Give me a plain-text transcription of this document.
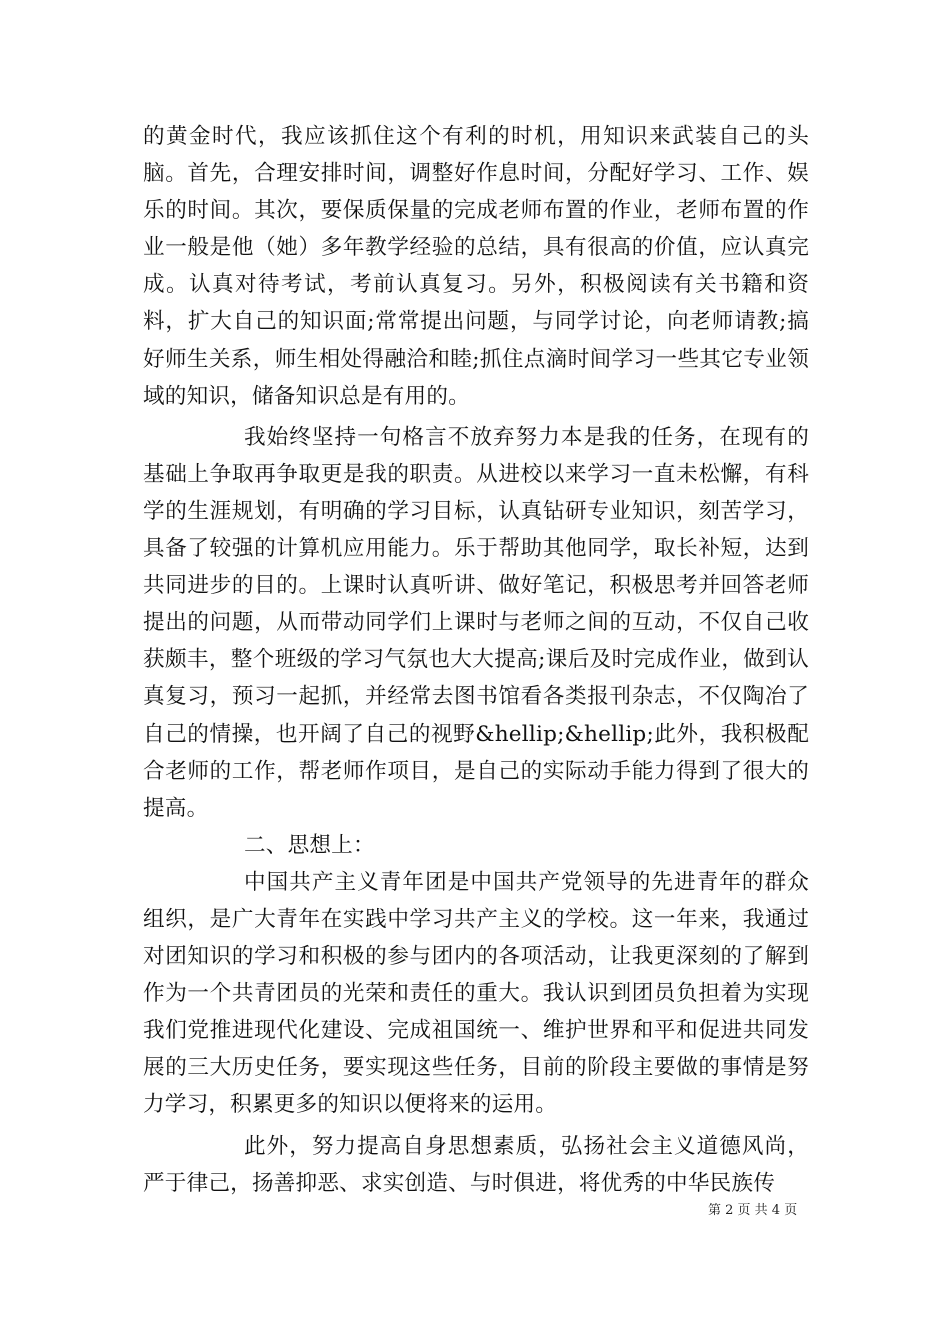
的黄金时代，我应该抓住这个有利的时机，用知识来武装自己的头脑。首先，合理安排时间，调整好作息时间，分配好学习、工作、娱乐的时间。其次，要保质保量的完成老师布置的作业，老师布置的作业一般是他（她）多年教学经验的总结，具有很高的价值，应认真完成。认真对待考试，考前认真复习。另外，积极阅读有关书籍和资料，扩大自己的知识面;常常提出问题，与同学讨论，向老师请教;搞好师生关系，师生相处得融洽和睦;抓住点滴时间学习一些其它专业领域的知识，储备知识总是有用的。

我始终坚持一句格言不放弃努力本是我的任务，在现有的基础上争取再争取更是我的职责。从进校以来学习一直未松懈，有科学的生涯规划，有明确的学习目标，认真钻研专业知识，刻苦学习，具备了较强的计算机应用能力。乐于帮助其他同学，取长补短，达到共同进步的目的。上课时认真听讲、做好笔记，积极思考并回答老师提出的问题，从而带动同学们上课时与老师之间的互动，不仅自己收获颇丰，整个班级的学习气氛也大大提高;课后及时完成作业，做到认真复习，预习一起抓，并经常去图书馆看各类报刊杂志，不仅陶冶了自己的情操，也开阔了自己的视野&hellip;&hellip;此外，我积极配合老师的工作，帮老师作项目，是自己的实际动手能力得到了很大的提高。

二、思想上：

中国共产主义青年团是中国共产党领导的先进青年的群众组织，是广大青年在实践中学习共产主义的学校。这一年来，我通过对团知识的学习和积极的参与团内的各项活动，让我更深刻的了解到作为一个共青团员的光荣和责任的重大。我认识到团员负担着为实现我们党推进现代化建设、完成祖国统一、维护世界和平和促进共同发展的三大历史任务，要实现这些任务，目前的阶段主要做的事情是努力学习，积累更多的知识以便将来的运用。

此外，努力提高自身思想素质，弘扬社会主义道德风尚，严于律己，扬善抑恶、求实创造、与时俱进，将优秀的中华民族传

第 2 页 共 4 页
